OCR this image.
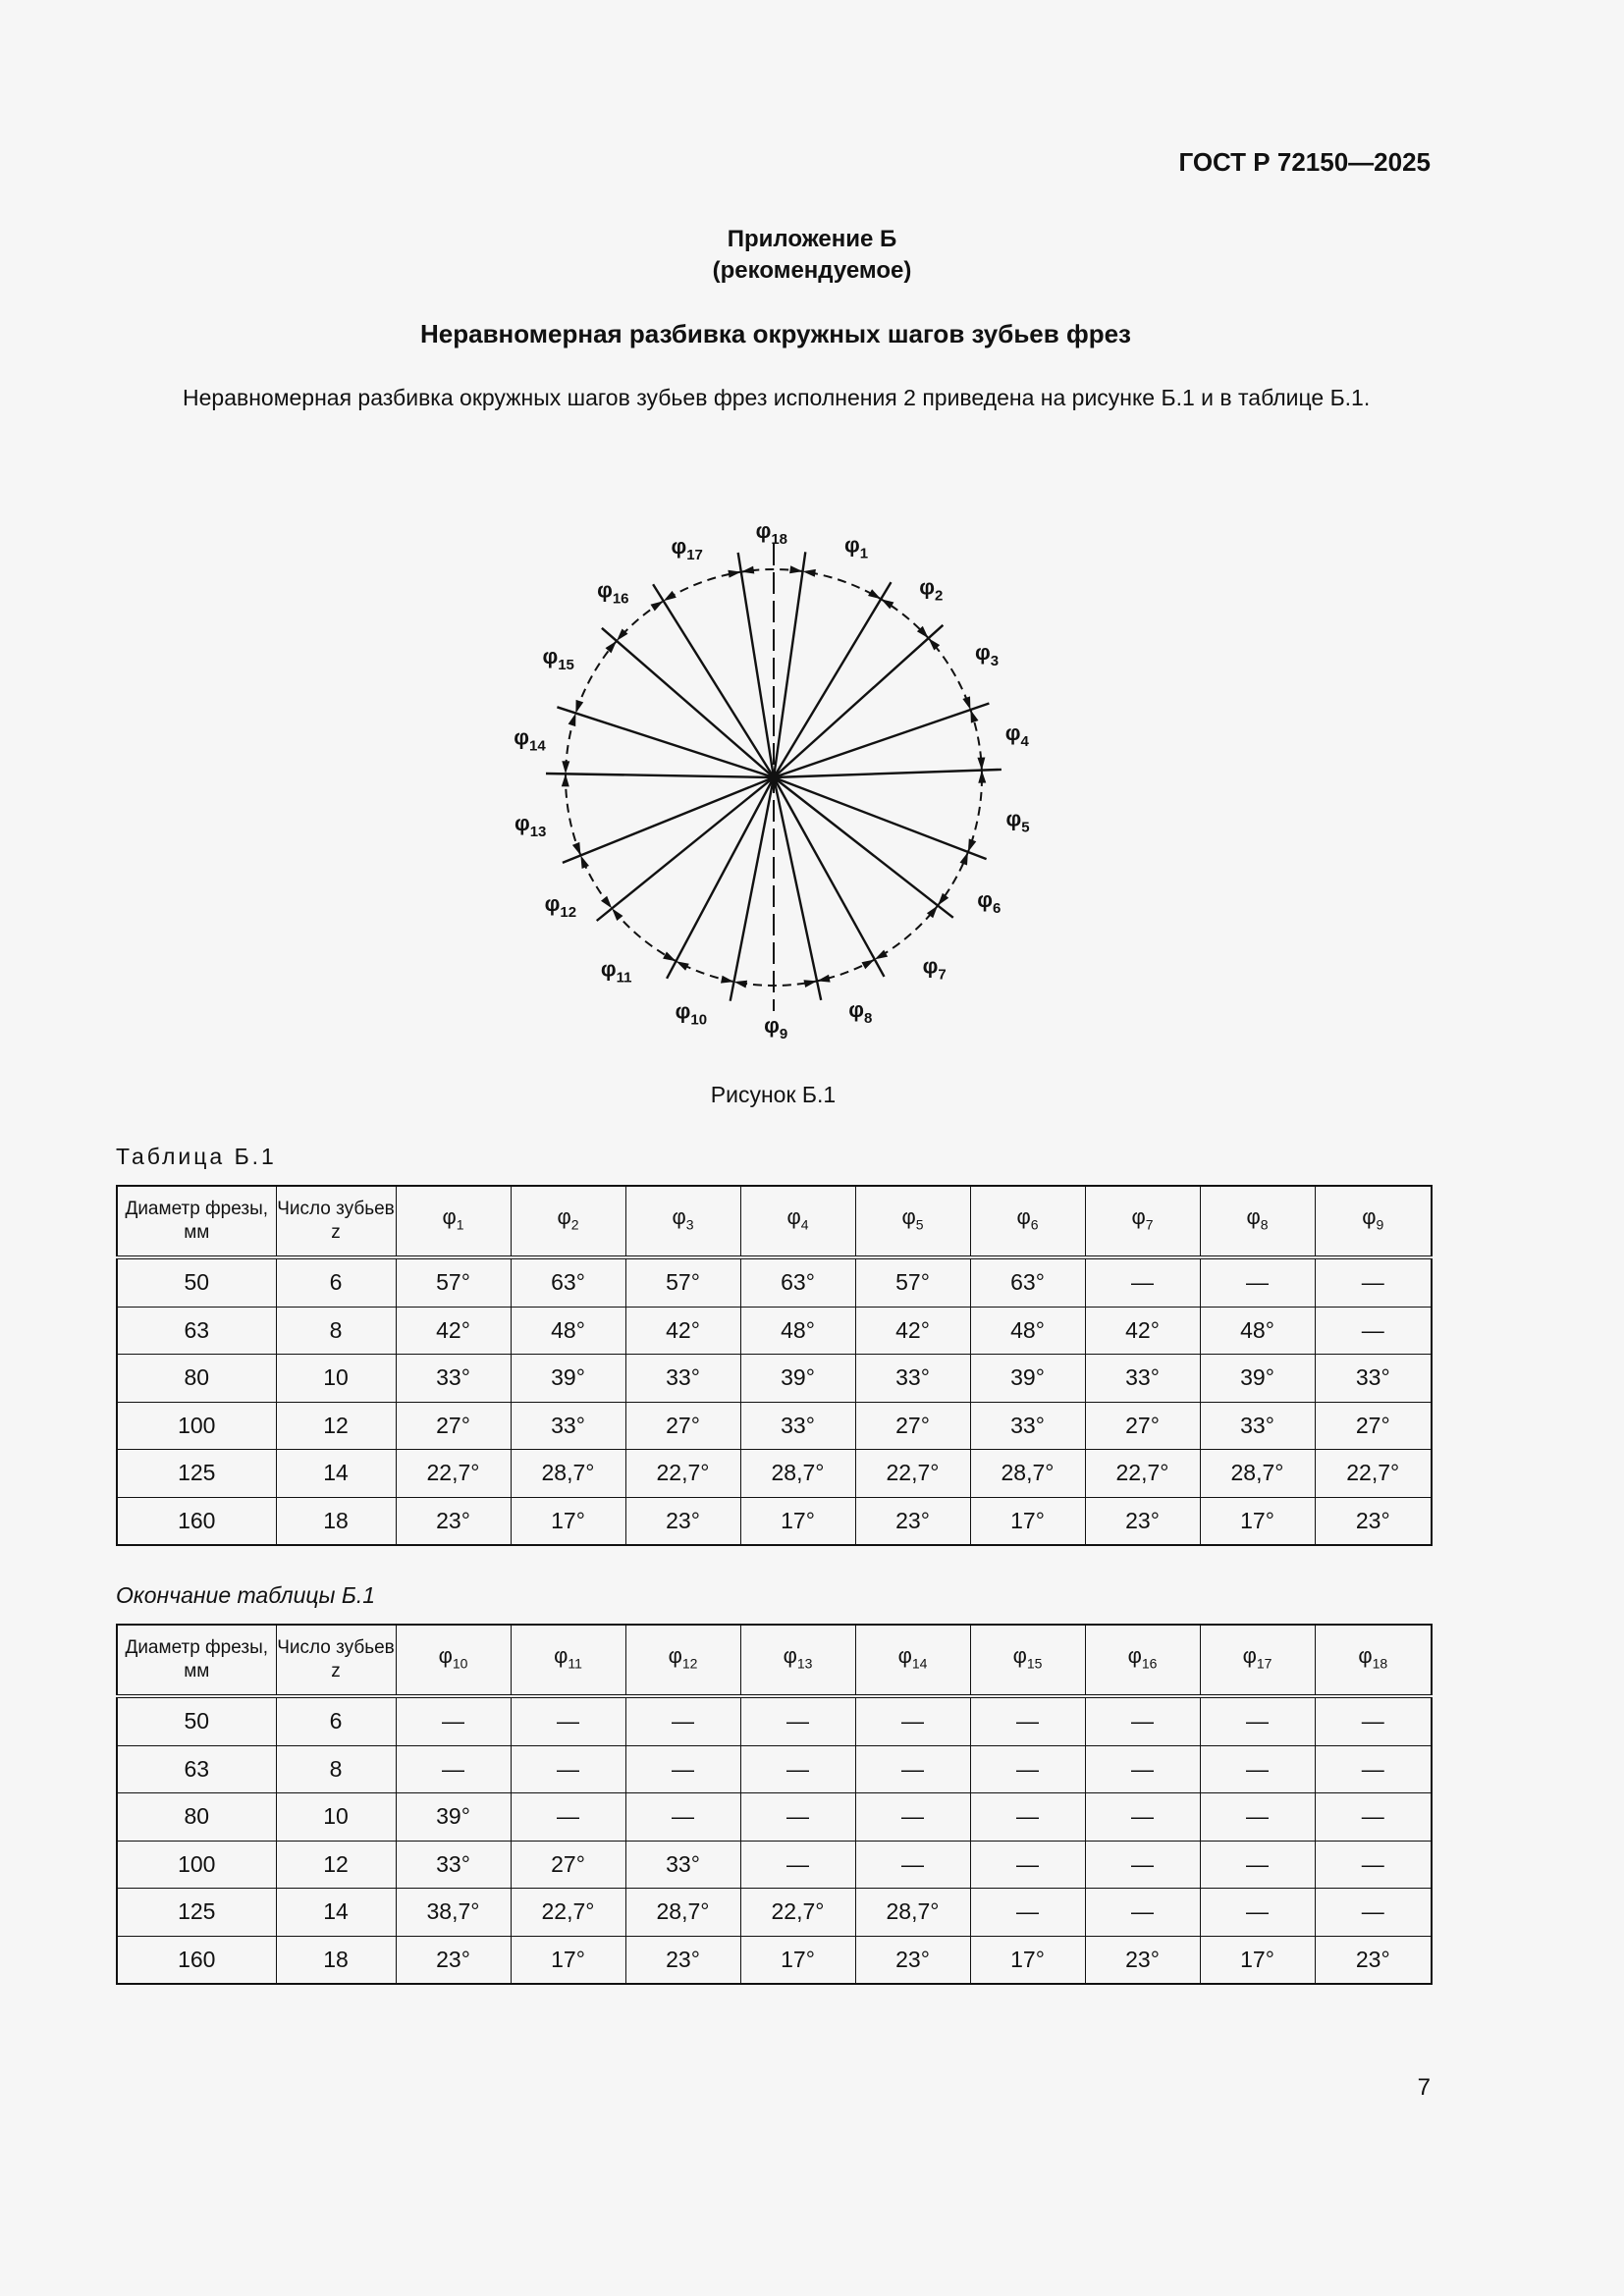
ГОСТ Р 72150—2025
Приложение Б
(рекомендуемое)
Неравномерная разбивка окружных шагов зубьев фрез

Неравномерная разбивка окружных шагов зубьев фрез исполнения 2 приведена на рисунке Б.1 и в таблице Б.1.

$\varphi_1$
$\varphi_2$
$\varphi_3$
$\varphi_4$
$\varphi_5$
$\varphi_6$
$\varphi_7$
$\varphi_8$
$\varphi_9$
$\varphi_{10}$
$\varphi_{11}$
$\varphi_{12}$
$\varphi_{13}$
$\varphi_{14}$
$\varphi_{15}$
$\varphi_{16}$
$\varphi_{17}$
$\varphi_{18}$
Рисунок Б.1
Таблица Б.1
Диаметр фрезы, мм	Число зубьев z	$\varphi_1$	$\varphi_2$	$\varphi_3$	$\varphi_4$	$\varphi_5$	$\varphi_6$	$\varphi_7$	$\varphi_8$	$\varphi_9$
50	6	57°	63°	57°	63°	57°	63°	—	—	—
63	8	42°	48°	42°	48°	42°	48°	42°	48°	—
80	10	33°	39°	33°	39°	33°	39°	33°	39°	33°
100	12	27°	33°	27°	33°	27°	33°	27°	33°	27°
125	14	22,7°	28,7°	22,7°	28,7°	22,7°	28,7°	22,7°	28,7°	22,7°
160	18	23°	17°	23°	17°	23°	17°	23°	17°	23°
Окончание таблицы Б.1
Диаметр фрезы, мм	Число зубьев z	$\varphi_{10}$	$\varphi_{11}$	$\varphi_{12}$	$\varphi_{13}$	$\varphi_{14}$	$\varphi_{15}$	$\varphi_{16}$	$\varphi_{17}$	$\varphi_{18}$
50	6	—	—	—	—	—	—	—	—	—
63	8	—	—	—	—	—	—	—	—	—
80	10	39°	—	—	—	—	—	—	—	—
100	12	33°	27°	33°	—	—	—	—	—	—
125	14	38,7°	22,7°	28,7°	22,7°	28,7°	—	—	—	—
160	18	23°	17°	23°	17°	23°	17°	23°	17°	23°
7
